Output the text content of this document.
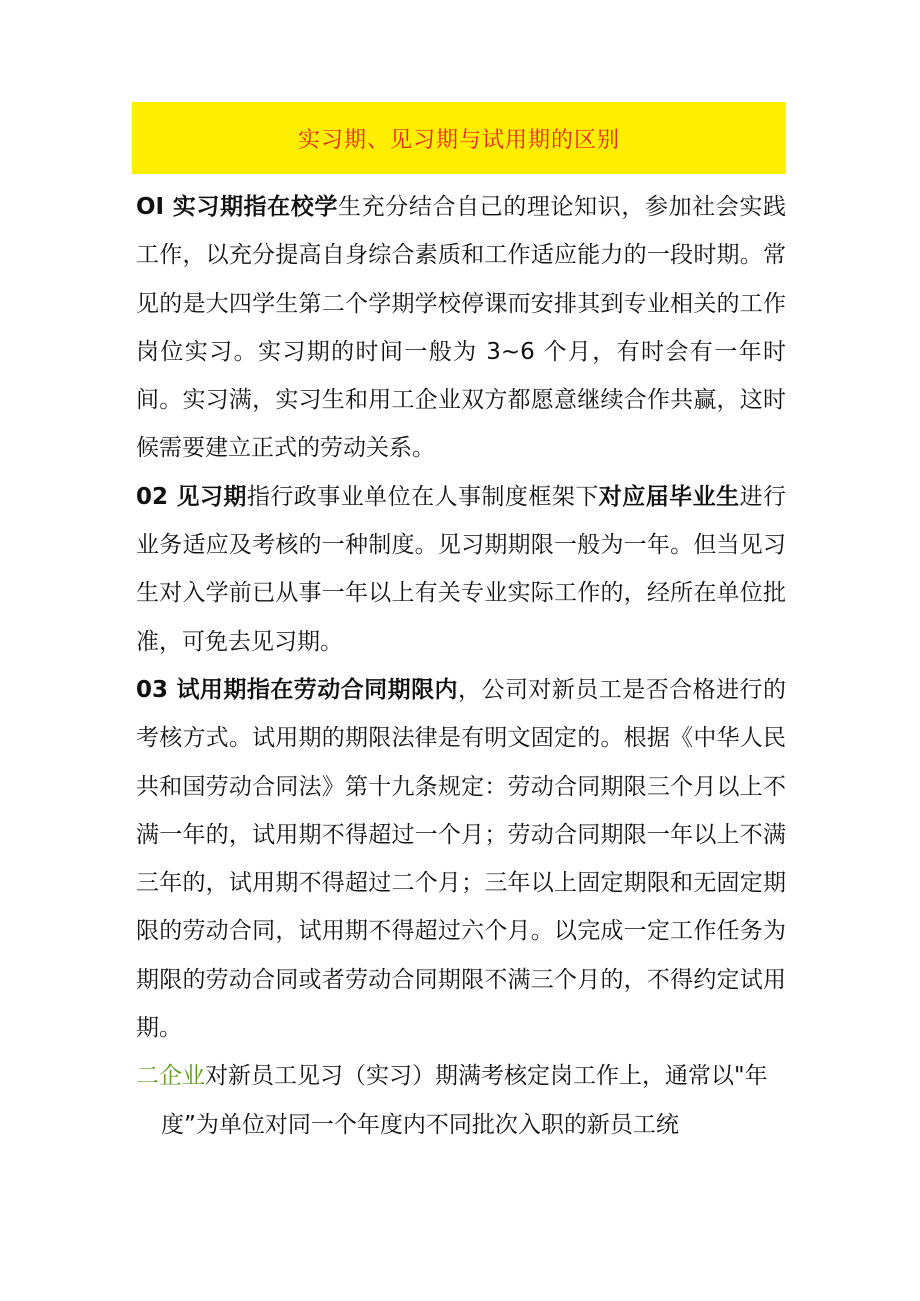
实习期、见习期与试用期的区别

OI 实习期指在校学生充分结合自己的理论知识，参加社会实践工作，以充分提高自身综合素质和工作适应能力的一段时期。常见的是大四学生第二个学期学校停课而安排其到专业相关的工作岗位实习。实习期的时间一般为 3~6 个月，有时会有一年时间。实习满，实习生和用工企业双方都愿意继续合作共赢，这时候需要建立正式的劳动关系。

02 见习期指行政事业单位在人事制度框架下对应届毕业生进行业务适应及考核的一种制度。见习期期限一般为一年。但当见习生对入学前已从事一年以上有关专业实际工作的，经所在单位批准，可免去见习期。

03 试用期指在劳动合同期限内，公司对新员工是否合格进行的考核方式。试用期的期限法律是有明文固定的。根据《中华人民共和国劳动合同法》第十九条规定：劳动合同期限三个月以上不满一年的，试用期不得超过一个月；劳动合同期限一年以上不满三年的，试用期不得超过二个月；三年以上固定期限和无固定期限的劳动合同，试用期不得超过六个月。以完成一定工作任务为期限的劳动合同或者劳动合同期限不满三个月的，不得约定试用期。

二企业对新员工见习（实习）期满考核定岗工作上，通常以"年
度”为单位对同一个年度内不同批次入职的新员工统
